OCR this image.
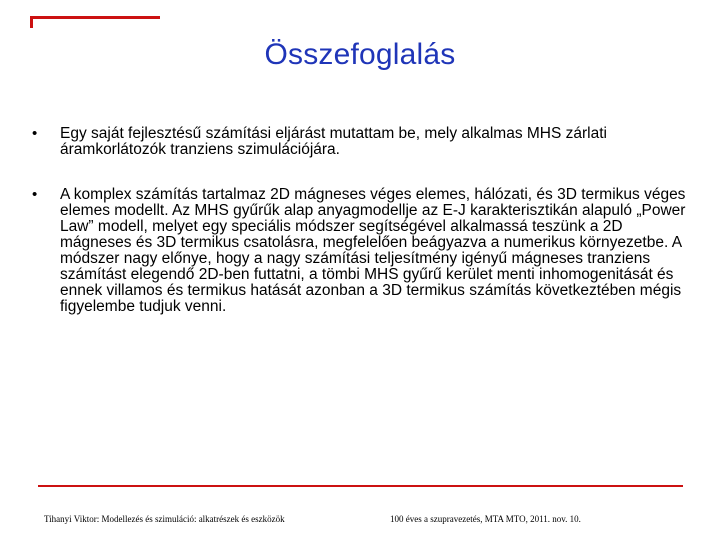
Összefoglalás
•	Egy saját fejlesztésű számítási eljárást mutattam be, mely alkalmas MHS zárlati áramkorlátozók tranziens szimulációjára.
•	A komplex számítás tartalmaz 2D mágneses véges elemes, hálózati, és 3D termikus véges elemes modellt. Az MHS gyűrűk alap anyagmodellje az E-J karakterisztikán alapuló „Power Law” modell, melyet egy speciális módszer segítségével alkalmassá teszünk a 2D mágneses és 3D termikus csatolásra, megfelelően beágyazva a numerikus környezetbe. A módszer nagy előnye, hogy a nagy számítási teljesítmény igényű mágneses tranziens számítást elegendő 2D-ben futtatni, a tömbi MHS gyűrű kerület menti inhomogenitását és ennek villamos és termikus hatását azonban a 3D termikus számítás következtében mégis figyelembe tudjuk venni.
Tihanyi Viktor: Modellezés és szimuláció: alkatrészek és eszközök	100 éves a szupravezetés, MTA MTO, 2011. nov. 10.
